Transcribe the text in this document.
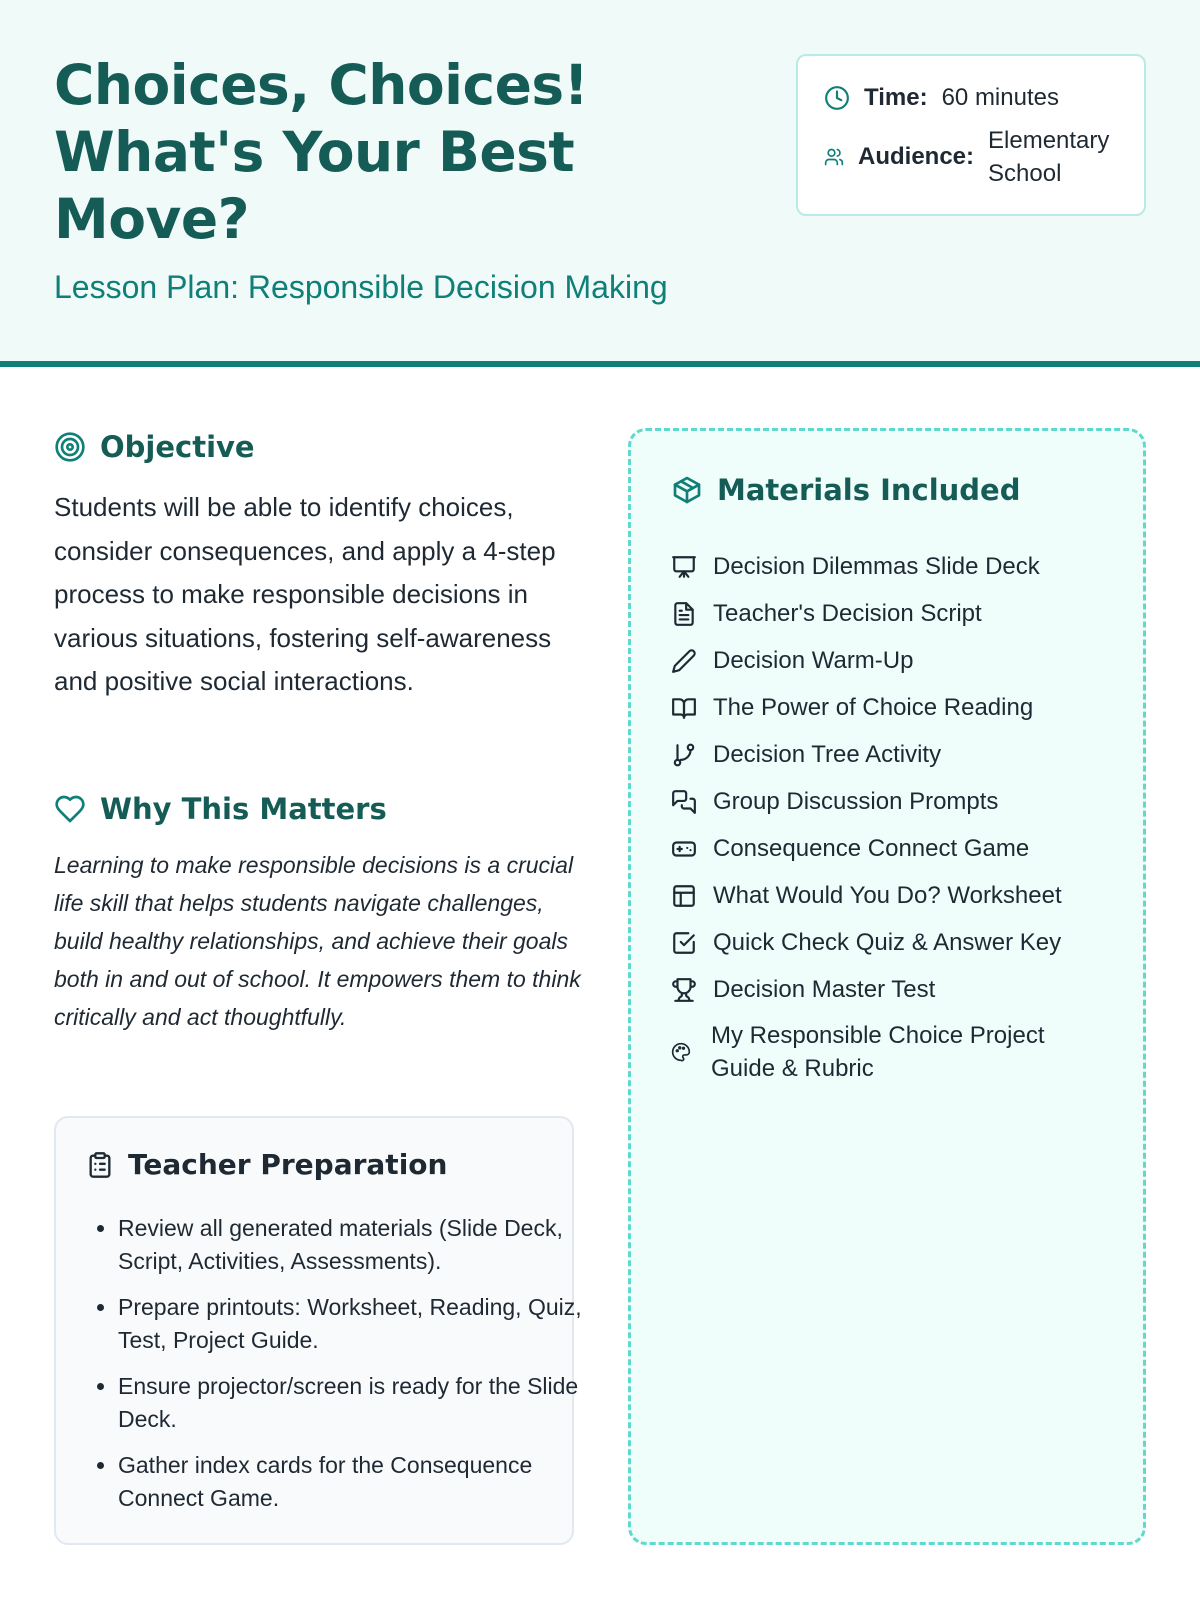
Choices, Choices! What's Your Best Move?

Lesson Plan: Responsible Decision Making

Time: 60 minutes
Audience:
Elementary School
Objective

Students will be able to identify choices, consider consequences, and apply a 4-step process to make responsible decisions in various situations, fostering self-awareness and positive social interactions.

Why This Matters

Learning to make responsible decisions is a crucial life skill that helps students navigate challenges, build healthy relationships, and achieve their goals both in and out of school. It empowers them to think critically and act thoughtfully.

Teacher Preparation
• Review all generated materials (Slide Deck, Script, Activities, Assessments).
• Prepare printouts: Worksheet, Reading, Quiz, Test, Project Guide.
• Ensure projector/screen is ready for the Slide Deck.
• Gather index cards for the Consequence Connect Game.
Materials Included
Decision Dilemmas Slide Deck
Teacher's Decision Script
Decision Warm-Up
The Power of Choice Reading
Decision Tree Activity
Group Discussion Prompts
Consequence Connect Game
What Would You Do? Worksheet
Quick Check Quiz & Answer Key
Decision Master Test
My Responsible Choice Project Guide & Rubric
